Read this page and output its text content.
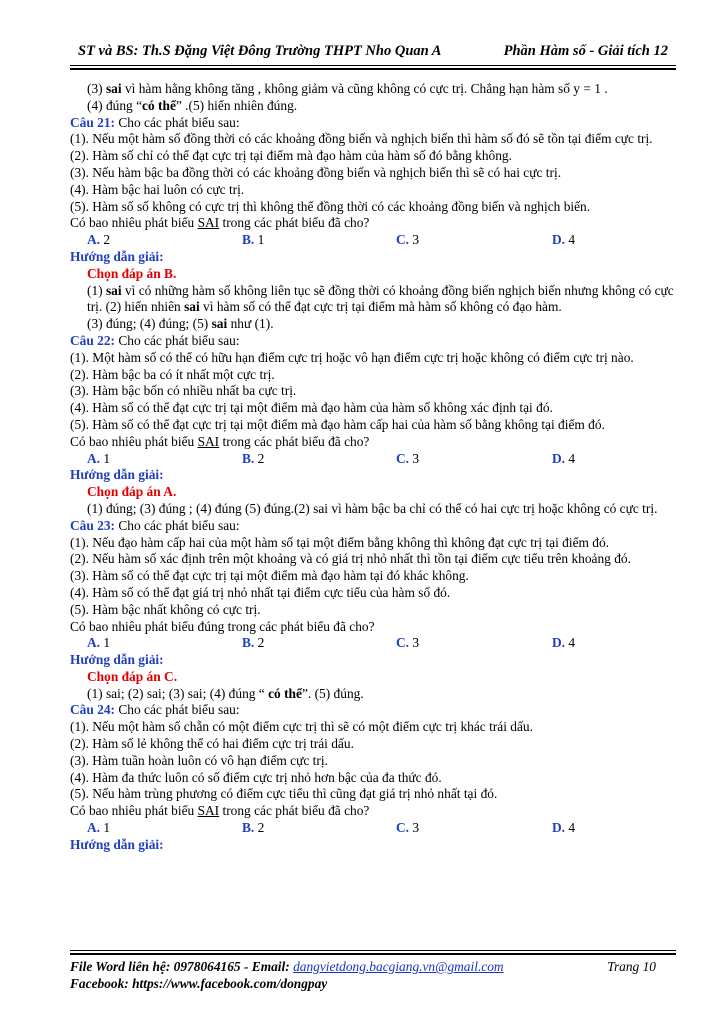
ST và BS: Th.S Đặng Việt Đông Trường THPT Nho Quan A	Phần Hàm số - Giải tích 12
(3) sai vì hàm hằng không tăng , không giảm và cũng không có cực trị. Chẳng hạn hàm số y = 1 .
(4) đúng “có thể” .(5) hiển nhiên đúng.
Câu 21: Cho các phát biểu sau:
(1). Nếu một hàm số đồng thời có các khoảng đồng biến và nghịch biến thì hàm số đó sẽ tồn tại điểm cực trị.
(2). Hàm số chỉ có thể đạt cực trị tại điểm mà đạo hàm của hàm số đó bằng không.
(3). Nếu hàm bậc ba đồng thời có các khoảng đồng biến và nghịch biến thì sẽ có hai cực trị.
(4). Hàm bậc hai luôn có cực trị.
(5). Hàm số số không có cực trị thì không thể đồng thời có các khoảng đồng biến và nghịch biến.
Có bao nhiêu phát biểu SAI trong các phát biểu đã cho?
A. 2	B. 1	C. 3	D. 4
Hướng dẫn giải:
Chọn đáp án B.
(1) sai vì có những hàm số không liên tục sẽ đồng thời có khoảng đồng biến nghịch biến nhưng không có cực trị. (2) hiển nhiên sai vì hàm số có thể đạt cực trị tại điểm mà hàm số không có đạo hàm.
(3) đúng; (4) đúng; (5) sai như (1).
Câu 22: Cho các phát biểu sau:
(1). Một hàm số có thể có hữu hạn điểm cực trị hoặc vô hạn điểm cực trị hoặc không có điểm cực trị nào.
(2). Hàm bậc ba có ít nhất một cực trị.
(3). Hàm bậc bốn có nhiều nhất ba cực trị.
(4). Hàm số có thể đạt cực trị tại một điểm mà đạo hàm của hàm số không xác định tại đó.
(5). Hàm số có thể đạt cực trị tại một điểm mà đạo hàm cấp hai của hàm số bằng không tại điểm đó.
Có bao nhiêu phát biểu SAI trong các phát biểu đã cho?
A. 1	B. 2	C. 3	D. 4
Hướng dẫn giải:
Chọn đáp án A.
(1) đúng; (3) đúng ; (4) đúng (5) đúng.(2) sai vì hàm bậc ba chỉ có thể có hai cực trị hoặc không có cực trị.
Câu 23: Cho các phát biểu sau:
(1). Nếu đạo hàm cấp hai của một hàm số tại một điểm bằng không thì không đạt cực trị tại điểm đó.
(2). Nếu hàm số xác định trên một khoảng và có giá trị nhỏ nhất thì tồn tại điểm cực tiểu trên khoảng đó.
(3). Hàm số có thể đạt cực trị tại một điểm mà đạo hàm tại đó khác không.
(4). Hàm số có thể đạt giá trị nhỏ nhất tại điểm cực tiểu của hàm số đó.
(5). Hàm bậc nhất không có cực trị.
Có bao nhiêu phát biểu đúng trong các phát biểu đã cho?
A. 1	B. 2	C. 3	D. 4
Hướng dẫn giải:
Chọn đáp án C.
(1) sai; (2) sai; (3) sai; (4) đúng “ có thể”. (5) đúng.
Câu 24: Cho các phát biểu sau:
(1). Nếu một hàm số chẵn có một điểm cực trị thì sẽ có một điểm cực trị khác trái dấu.
(2). Hàm số lẻ không thể có hai điểm cực trị trái dấu.
(3). Hàm tuần hoàn luôn có vô hạn điểm cực trị.
(4). Hàm đa thức luôn có số điểm cực trị nhỏ hơn bậc của đa thức đó.
(5). Nếu hàm trùng phương có điểm cực tiểu thì cũng đạt giá trị nhỏ nhất tại đó.
Có bao nhiêu phát biểu SAI trong các phát biểu đã cho?
A. 1	B. 2	C. 3	D. 4
Hướng dẫn giải:
File Word liên hệ: 0978064165 - Email: dangvietdong.bacgiang.vn@gmail.com	Trang 10
Facebook: https://www.facebook.com/dongpay
